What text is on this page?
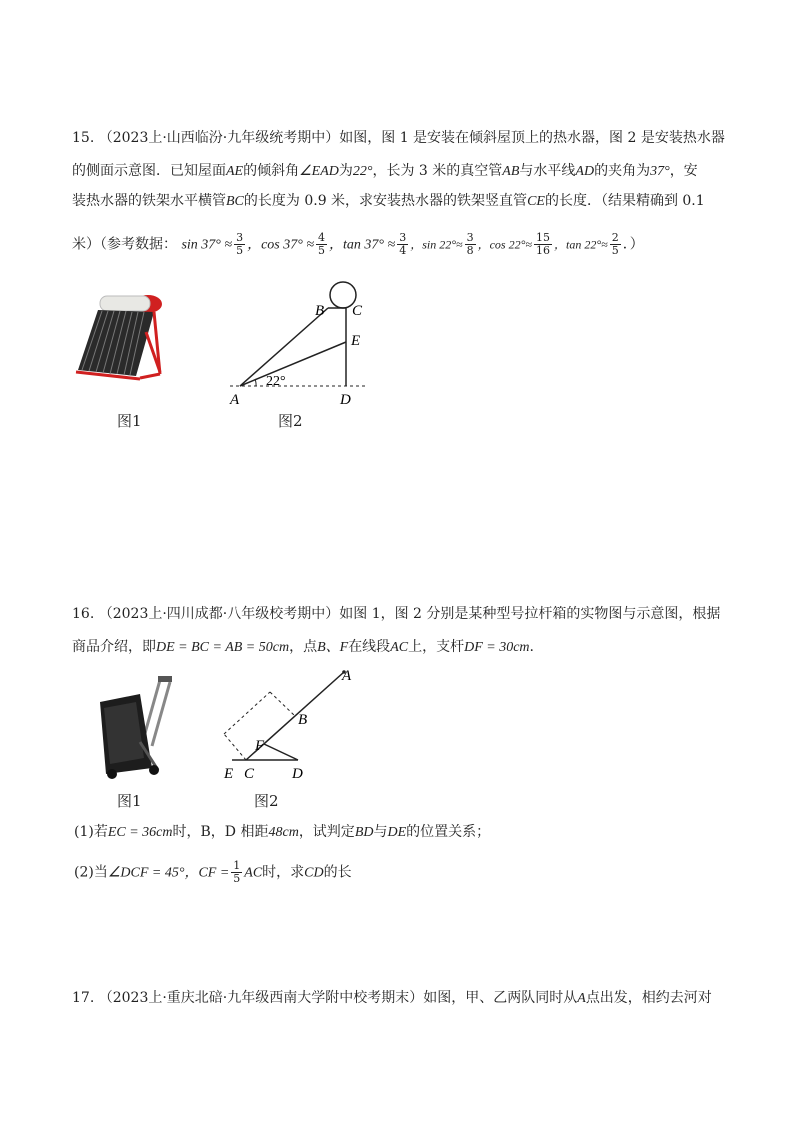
15. （2023上·山西临汾·九年级统考期中）如图，图 1 是安装在倾斜屋顶上的热水器，图 2 是安装热水器
的侧面示意图．已知屋面AE的倾斜角∠EAD为22°，长为 3 米的真空管AB与水平线AD的夹角为37°，安
装热水器的铁架水平横管BC的长度为 0.9 米，求安装热水器的铁架竖直管CE的长度．（结果精确到 0.1
米）（参考数据： $\sin 37^\circ \approx \frac{3}{5}$ ，$\cos 37^\circ \approx \frac{4}{5}$ ，$\tan 37^\circ \approx \frac{3}{4}$ ，$\sin 22^\circ\approx \frac{3}{8}$ ，$\cos 22^\circ\approx \frac{15}{16}$ ，$\tan 22^\circ\approx \frac{2}{5}$ ．）
图1
B C
E
A	D
22°
图2
16. （2023上·四川成都·八年级校考期中）如图 1，图 2 分别是某种型号拉杆箱的实物图与示意图，根据
商品介绍，即DE = BC = AB = 50cm，点B、F在线段AC上，支杆DF = 30cm.
图1
A
B
F
E C	D
图2
(1)若EC = 36cm时，B，D 相距48cm，试判定BD与DE的位置关系；
(2)当∠DCF = 45°，CF = $\frac{1}{5}$ AC时，求CD的长
17. （2023上·重庆北碚·九年级西南大学附中校考期末）如图，甲、乙两队同时从A点出发，相约去河对
